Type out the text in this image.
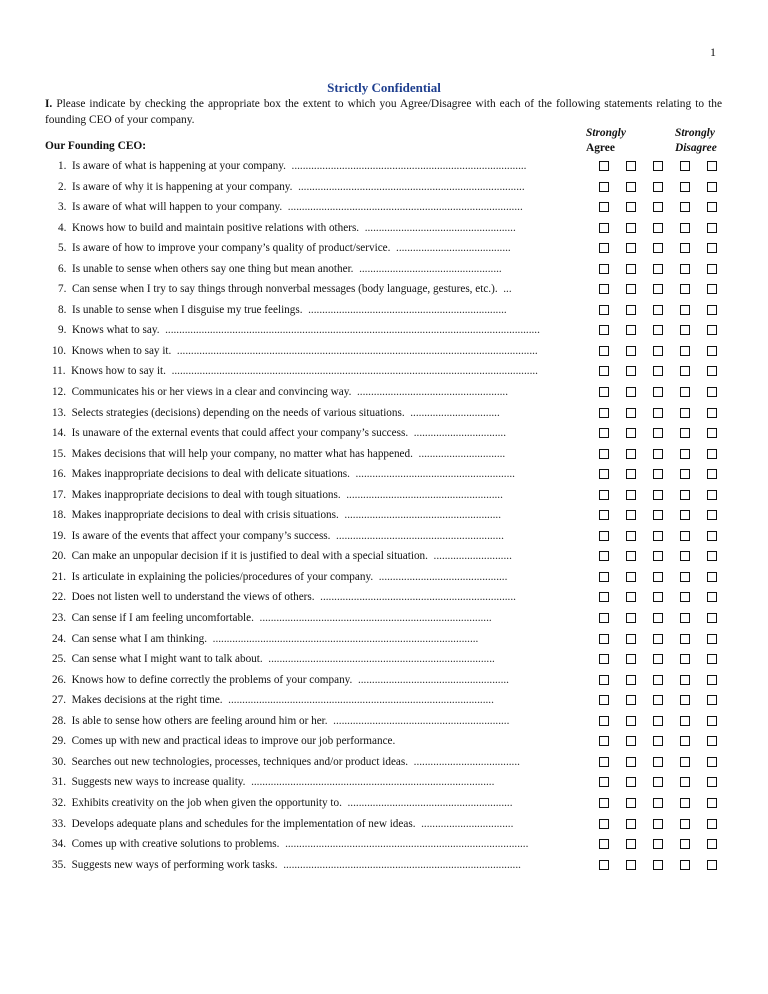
1
Strictly Confidential
I. Please indicate by checking the appropriate box the extent to which you Agree/Disagree with each of the following statements relating to the founding CEO of your company.
Our Founding CEO:
Strongly
Agree
Strongly
Disagree
1. Is aware of what is happening at your company. ....................................................................................
2. Is aware of why it is happening at your company. .................................................................................
3. Is aware of what will happen to your company. ....................................................................................
4. Knows how to build and maintain positive relations with others. ......................................................
5. Is aware of how to improve your company’s quality of product/service. .........................................
6. Is unable to sense when others say one thing but mean another. ...................................................
7. Can sense when I try to say things through nonverbal messages (body language, gestures, etc.). ...
8. Is unable to sense when I disguise my true feelings. .......................................................................
9. Knows what to say. ......................................................................................................................................
10. Knows when to say it. .................................................................................................................................
11. Knows how to say it. ...................................................................................................................................
12. Communicates his or her views in a clear and convincing way. ......................................................
13. Selects strategies (decisions) depending on the needs of various situations. ................................
14. Is unaware of the external events that could affect your company’s success. .................................
15. Makes decisions that will help your company, no matter what has happened. ...............................
16. Makes inappropriate decisions to deal with delicate situations. .........................................................
17. Makes inappropriate decisions to deal with tough situations. ........................................................
18. Makes inappropriate decisions to deal with crisis situations. ........................................................
19. Is aware of the events that affect your company’s success. ............................................................
20. Can make an unpopular decision if it is justified to deal with a special situation. ............................
21. Is articulate in explaining the policies/procedures of your company. ..............................................
22. Does not listen well to understand the views of others. ......................................................................
23. Can sense if I am feeling uncomfortable. ...................................................................................
24. Can sense what I am thinking. ...............................................................................................
25. Can sense what I might want to talk about. .................................................................................
26. Knows how to define correctly the problems of your company. ......................................................
27. Makes decisions at the right time. ...............................................................................................
28. Is able to sense how others are feeling around him or her. ...............................................................
29. Comes up with new and practical ideas to improve our job performance.
30. Searches out new technologies, processes, techniques and/or product ideas. ......................................
31. Suggests new ways to increase quality. .......................................................................................
32. Exhibits creativity on the job when given the opportunity to. ...........................................................
33. Develops adequate plans and schedules for the implementation of new ideas. .................................
34. Comes up with creative solutions to problems. .......................................................................................
35. Suggests new ways of performing work tasks. .....................................................................................
